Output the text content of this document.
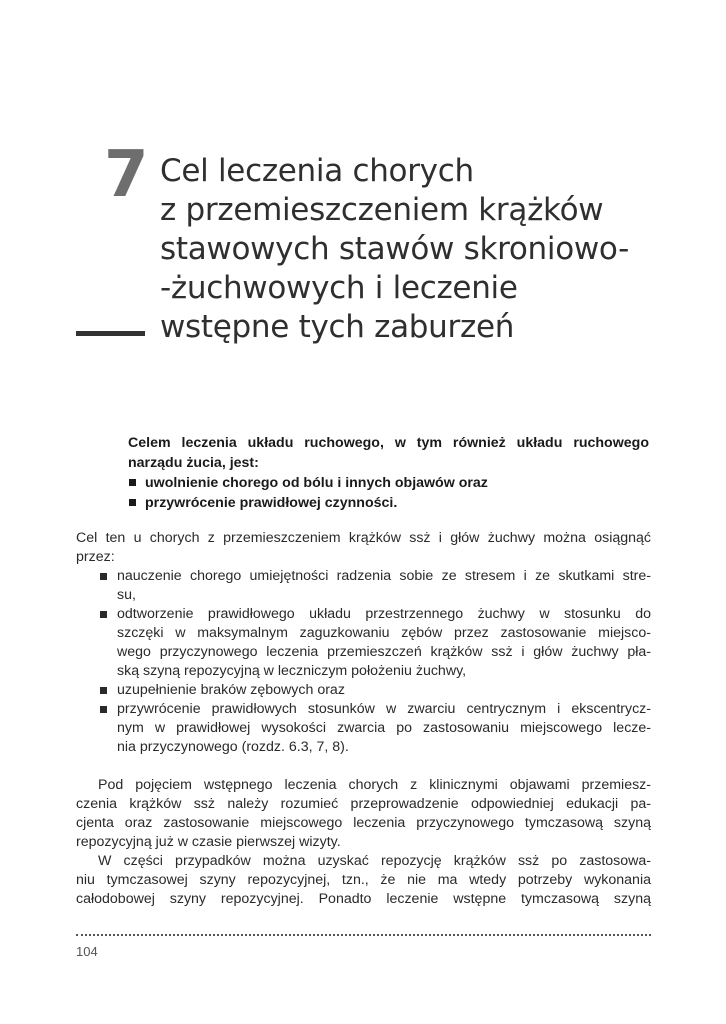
7 Cel leczenia chorych
z przemieszczeniem krążków
stawowych stawów skroniowo-
-żuchwowych i leczenie
wstępne tych zaburzeń

Celem leczenia układu ruchowego, w tym również układu ruchowego
narządu żucia, jest:

uwolnienie chorego od bólu i innych objawów oraz
przywrócenie prawidłowej czynności.
Cel ten u chorych z przemieszczeniem krążków ssż i głów żuchwy można osiągnąć
przez:
nauczenie chorego umiejętności radzenia sobie ze stresem i ze skutkami stre-
su,
odtworzenie prawidłowego układu przestrzennego żuchwy w stosunku do
szczęki w maksymalnym zaguzkowaniu zębów przez zastosowanie miejsco-
wego przyczynowego leczenia przemieszczeń krążków ssż i głów żuchwy pła-
ską szyną repozycyjną w leczniczym położeniu żuchwy,
uzupełnienie braków zębowych oraz
przywrócenie prawidłowych stosunków w zwarciu centrycznym i ekscentrycz-
nym w prawidłowej wysokości zwarcia po zastosowaniu miejscowego lecze-
nia przyczynowego (rozdz. 6.3, 7, 8).
Pod pojęciem wstępnego leczenia chorych z klinicznymi objawami przemiesz-
czenia krążków ssż należy rozumieć przeprowadzenie odpowiedniej edukacji pa-
cjenta oraz zastosowanie miejscowego leczenia przyczynowego tymczasową szyną
repozycyjną już w czasie pierwszej wizyty.
W części przypadków można uzyskać repozycję krążków ssż po zastosowa-
niu tymczasowej szyny repozycyjnej, tzn., że nie ma wtedy potrzeby wykonania
całodobowej szyny repozycyjnej. Ponadto leczenie wstępne tymczasową szyną
104
